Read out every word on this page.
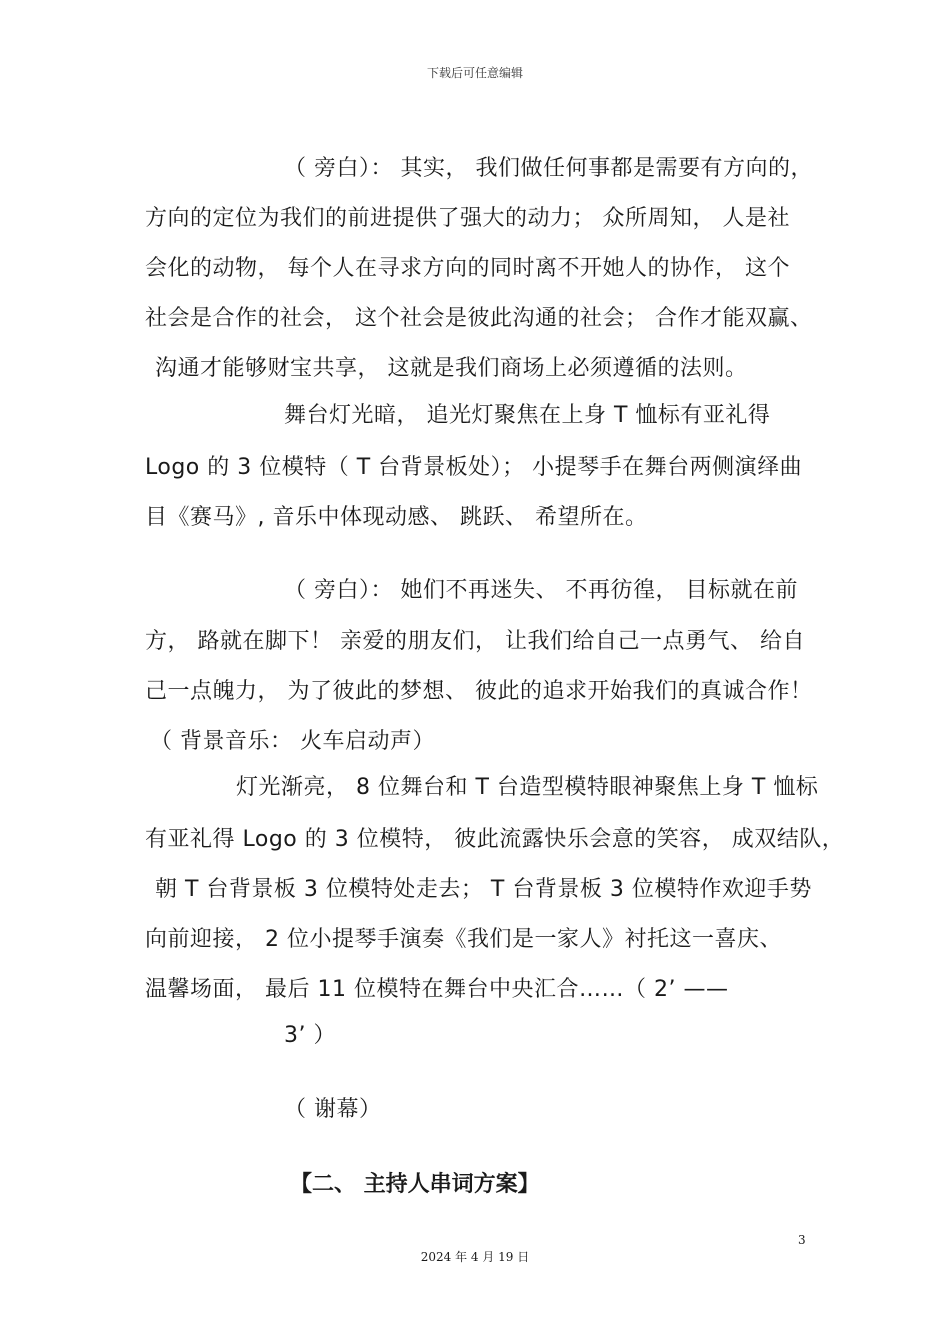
下载后可任意编辑
（ 旁白）： 其实， 我们做任何事都是需要有方向的，
方向的定位为我们的前进提供了强大的动力； 众所周知， 人是社
会化的动物， 每个人在寻求方向的同时离不开她人的协作， 这个
社会是合作的社会， 这个社会是彼此沟通的社会； 合作才能双赢、
沟通才能够财宝共享， 这就是我们商场上必须遵循的法则。
舞台灯光暗， 追光灯聚焦在上身 T 恤标有亚礼得
Logo 的 3 位模特（ T 台背景板处）； 小提琴手在舞台两侧演绎曲
目《赛马》, 音乐中体现动感、 跳跃、 希望所在。
（ 旁白）： 她们不再迷失、 不再彷徨， 目标就在前
方， 路就在脚下！ 亲爱的朋友们， 让我们给自己一点勇气、 给自
己一点魄力， 为了彼此的梦想、 彼此的追求开始我们的真诚合作！
（ 背景音乐： 火车启动声）
灯光渐亮， 8 位舞台和 T 台造型模特眼神聚焦上身 T 恤标
有亚礼得 Logo 的 3 位模特， 彼此流露快乐会意的笑容， 成双结队，
朝 T 台背景板 3 位模特处走去； T 台背景板 3 位模特作欢迎手势
向前迎接， 2 位小提琴手演奏《我们是一家人》衬托这一喜庆、
温馨场面， 最后 11 位模特在舞台中央汇合……（ 2’ ——
3’ ）
（ 谢幕）
【二、 主持人串词方案】
3
2024 年 4 月 19 日
